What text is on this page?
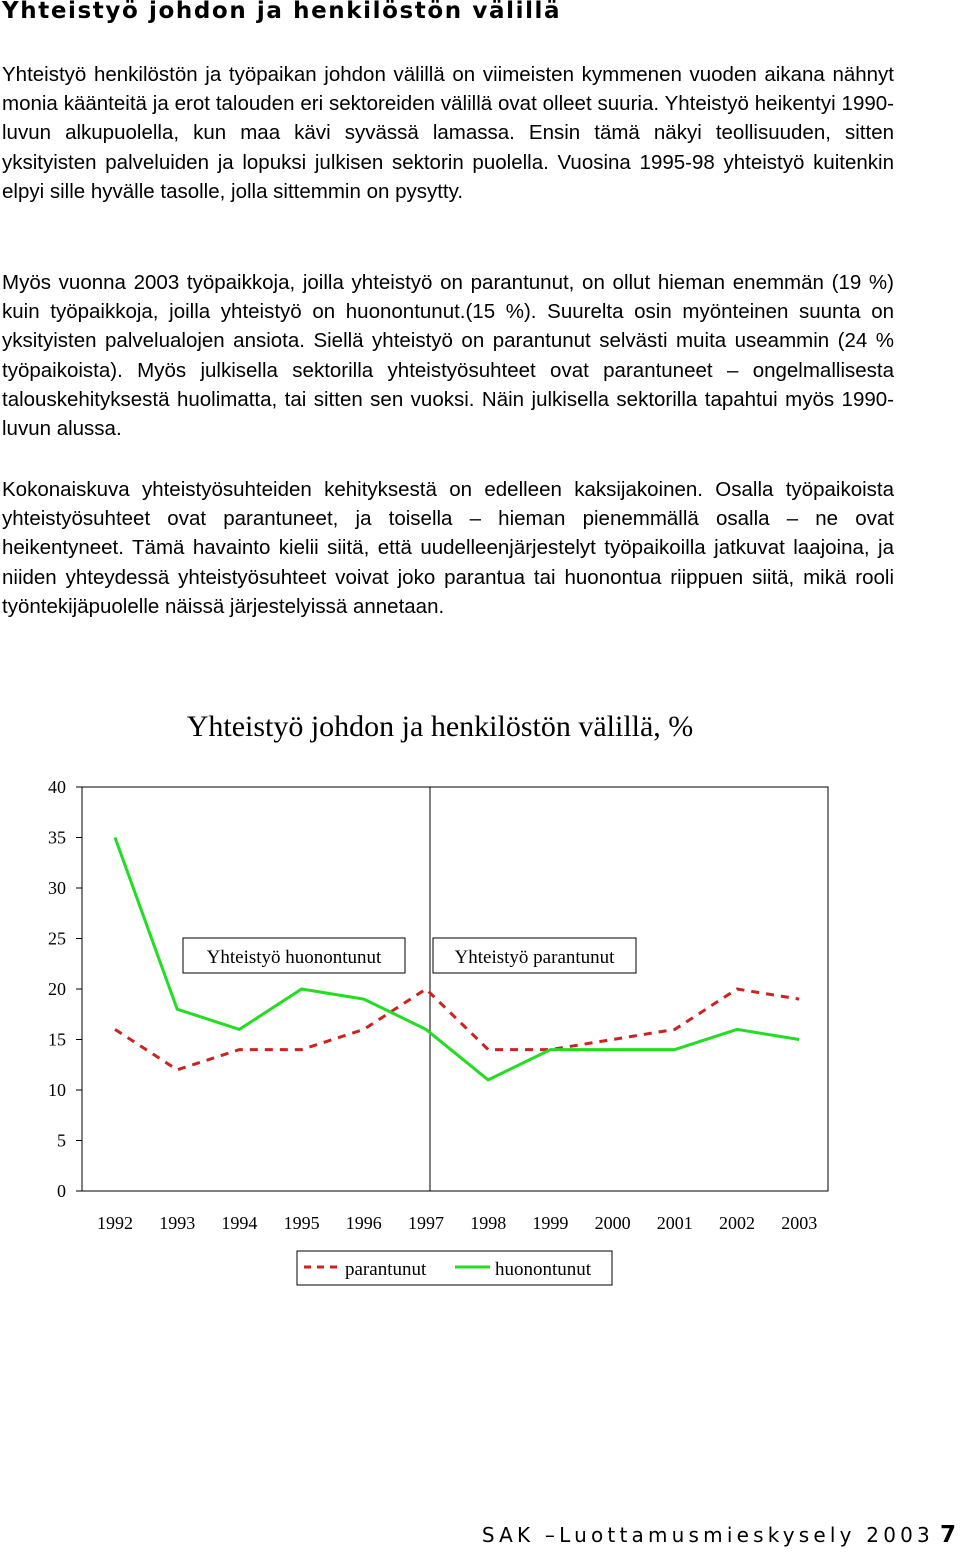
Yhteistyö johdon ja henkilöstön välillä

Yhteistyö henkilöstön ja työpaikan johdon välillä on viimeisten kymmenen vuoden aikana nähnyt monia käänteitä ja erot talouden eri sektoreiden välillä ovat olleet suuria. Yhteistyö heikentyi 1990-luvun alkupuolella, kun maa kävi syvässä lamassa. Ensin tämä näkyi teollisuuden, sitten yksityisten palveluiden ja lopuksi julkisen sektorin puolella. Vuosina 1995-98 yhteistyö kuitenkin elpyi sille hyvälle tasolle, jolla sittemmin on pysytty.

Myös vuonna 2003 työpaikkoja, joilla yhteistyö on parantunut, on ollut hieman enemmän (19 %) kuin työpaikkoja, joilla yhteistyö on huonontunut.(15 %). Suurelta osin myönteinen suunta on yksityisten palvelualojen ansiota. Siellä yhteistyö on parantunut selvästi muita useammin (24 % työpaikoista). Myös julkisella sektorilla yhteistyösuhteet ovat parantuneet – ongelmallisesta talouskehityksestä huolimatta, tai sitten sen vuoksi. Näin julkisella sektorilla tapahtui myös 1990-luvun alussa.

Kokonaiskuva yhteistyösuhteiden kehityksestä on edelleen kaksijakoinen. Osalla työpaikoista yhteistyösuhteet ovat parantuneet, ja toisella – hieman pienemmällä osalla – ne ovat heikentyneet. Tämä havainto kielii siitä, että uudelleenjärjestelyt työpaikoilla jatkuvat laajoina, ja niiden yhteydessä yhteistyösuhteet voivat joko parantua tai huonontua riippuen siitä, mikä rooli työntekijäpuolelle näissä järjestelyissä annetaan.

Yhteistyö johdon ja henkilöstön välillä, %
0
5
10
15
20
25
30
35
40
1992 1993 1994 1995 1996 1997 1998 1999 2000 2001 2002 2003
Yhteistyö huonontunut	Yhteistyö parantunut
parantunut	huonontunut
SAK –Luottamusmieskysely 2003 7
